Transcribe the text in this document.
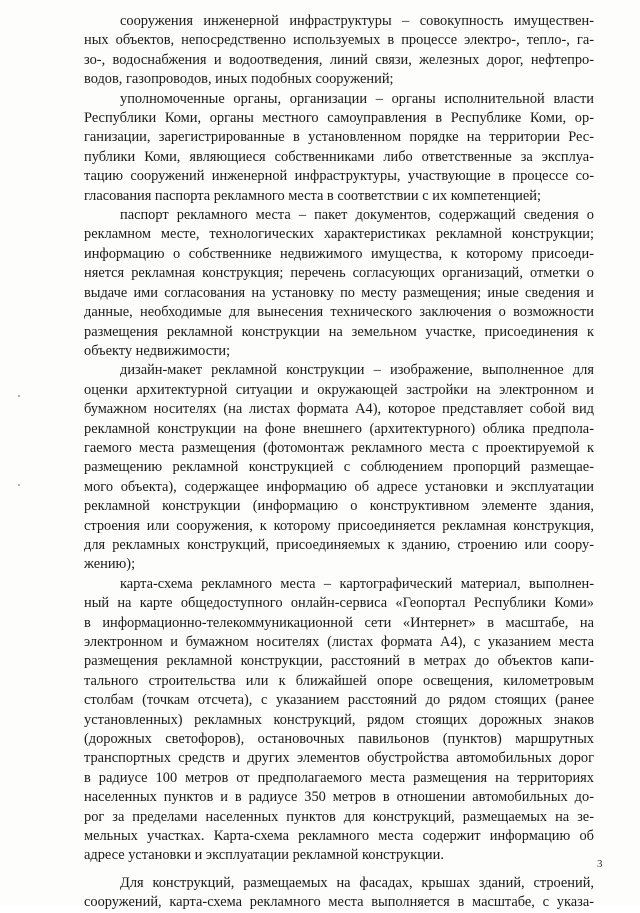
сооружения инженерной инфраструктуры – совокупность имуществен-
ных объектов, непосредственно используемых в процессе электро-, тепло-, га-
зо-, водоснабжения и водоотведения, линий связи, железных дорог, нефтепро-
водов, газопроводов, иных подобных сооружений;

уполномоченные органы, организации – органы исполнительной власти
Республики Коми, органы местного самоуправления в Республике Коми, ор-
ганизации, зарегистрированные в установленном порядке на территории Рес-
публики Коми, являющиеся собственниками либо ответственные за эксплуа-
тацию сооружений инженерной инфраструктуры, участвующие в процессе со-
гласования паспорта рекламного места в соответствии с их компетенцией;

паспорт рекламного места – пакет документов, содержащий сведения о
рекламном месте, технологических характеристиках рекламной конструкции;
информацию о собственнике недвижимого имущества, к которому присоеди-
няется рекламная конструкция; перечень согласующих организаций, отметки о
выдаче ими согласования на установку по месту размещения; иные сведения и
данные, необходимые для вынесения технического заключения о возможности
размещения рекламной конструкции на земельном участке, присоединения к
объекту недвижимости;

дизайн-макет рекламной конструкции – изображение, выполненное для
оценки архитектурной ситуации и окружающей застройки на электронном и
бумажном носителях (на листах формата А4), которое представляет собой вид
рекламной конструкции на фоне внешнего (архитектурного) облика предпола-
гаемого места размещения (фотомонтаж рекламного места с проектируемой к
размещению рекламной конструкцией с соблюдением пропорций размещае-
мого объекта), содержащее информацию об адресе установки и эксплуатации
рекламной конструкции (информацию о конструктивном элементе здания,
строения или сооружения, к которому присоединяется рекламная конструкция,
для рекламных конструкций, присоединяемых к зданию, строению или соору-
жению);

карта-схема рекламного места – картографический материал, выполнен-
ный на карте общедоступного онлайн-сервиса «Геопортал Республики Коми»
в информационно-телекоммуникационной сети «Интернет» в масштабе, на
электронном и бумажном носителях (листах формата А4), с указанием места
размещения рекламной конструкции, расстояний в метрах до объектов капи-
тального строительства или к ближайшей опоре освещения, километровым
столбам (точкам отсчета), с указанием расстояний до рядом стоящих (ранее
установленных) рекламных конструкций, рядом стоящих дорожных знаков
(дорожных светофоров), остановочных павильонов (пунктов) маршрутных
транспортных средств и других элементов обустройства автомобильных дорог
в радиусе 100 метров от предполагаемого места размещения на территориях
населенных пунктов и в радиусе 350 метров в отношении автомобильных до-
рог за пределами населенных пунктов для конструкций, размещаемых на зе-
мельных участках. Карта-схема рекламного места содержит информацию об
адресе установки и эксплуатации рекламной конструкции.

Для конструкций, размещаемых на фасадах, крышах зданий, строений,
сооружений, карта-схема рекламного места выполняется в масштабе, с указа-

3
